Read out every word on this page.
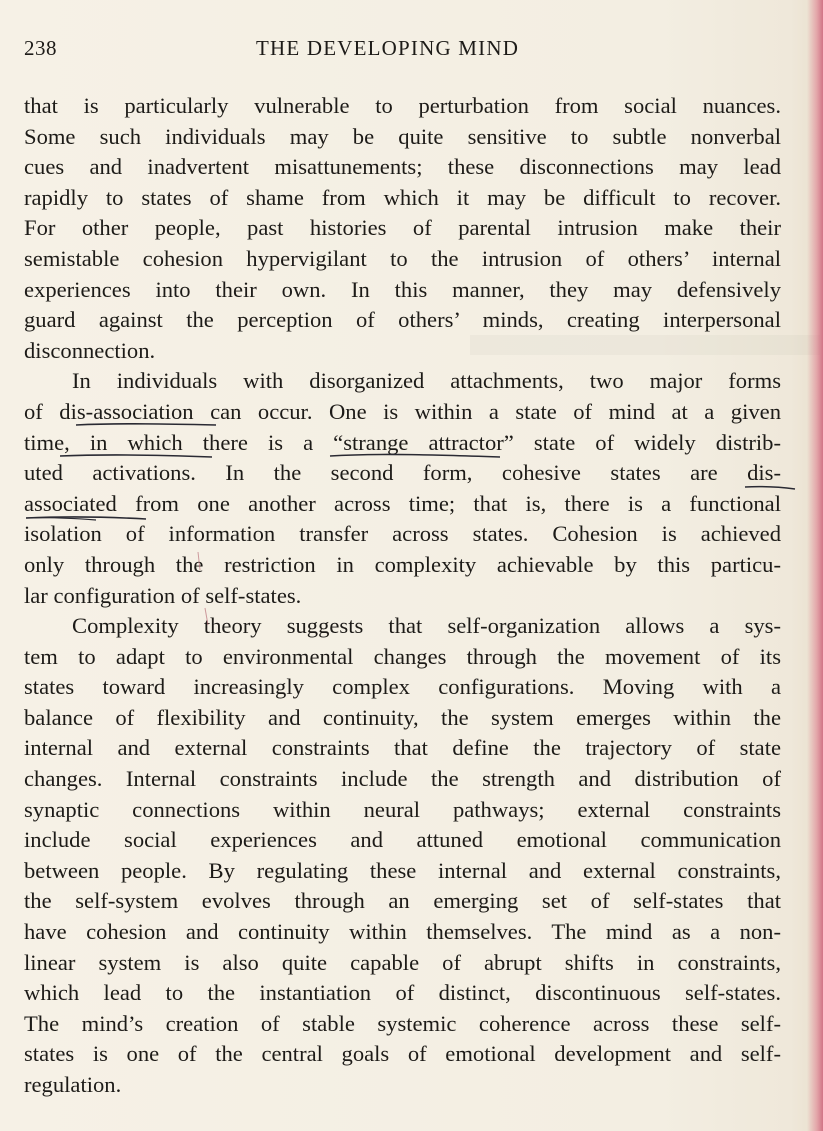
238	THE DEVELOPING MIND
that is particularly vulnerable to perturbation from social nuances.
Some such individuals may be quite sensitive to subtle nonverbal
cues and inadvertent misattunements; these disconnections may lead
rapidly to states of shame from which it may be difficult to recover.
For other people, past histories of parental intrusion make their
semistable cohesion hypervigilant to the intrusion of others’ internal
experiences into their own. In this manner, they may defensively
guard against the perception of others’ minds, creating interpersonal
disconnection.
In individuals with disorganized attachments, two major forms
of dis-association can occur. One is within a state of mind at a given
time, in which there is a “strange attractor” state of widely distrib-
uted activations. In the second form, cohesive states are dis-
associated from one another across time; that is, there is a functional
isolation of information transfer across states. Cohesion is achieved
only through the restriction in complexity achievable by this particu-
lar configuration of self-states.
Complexity theory suggests that self-organization allows a sys-
tem to adapt to environmental changes through the movement of its
states toward increasingly complex configurations. Moving with a
balance of flexibility and continuity, the system emerges within the
internal and external constraints that define the trajectory of state
changes. Internal constraints include the strength and distribution of
synaptic connections within neural pathways; external constraints
include social experiences and attuned emotional communication
between people. By regulating these internal and external constraints,
the self-system evolves through an emerging set of self-states that
have cohesion and continuity within themselves. The mind as a non-
linear system is also quite capable of abrupt shifts in constraints,
which lead to the instantiation of distinct, discontinuous self-states.
The mind’s creation of stable systemic coherence across these self-
states is one of the central goals of emotional development and self-
regulation.
